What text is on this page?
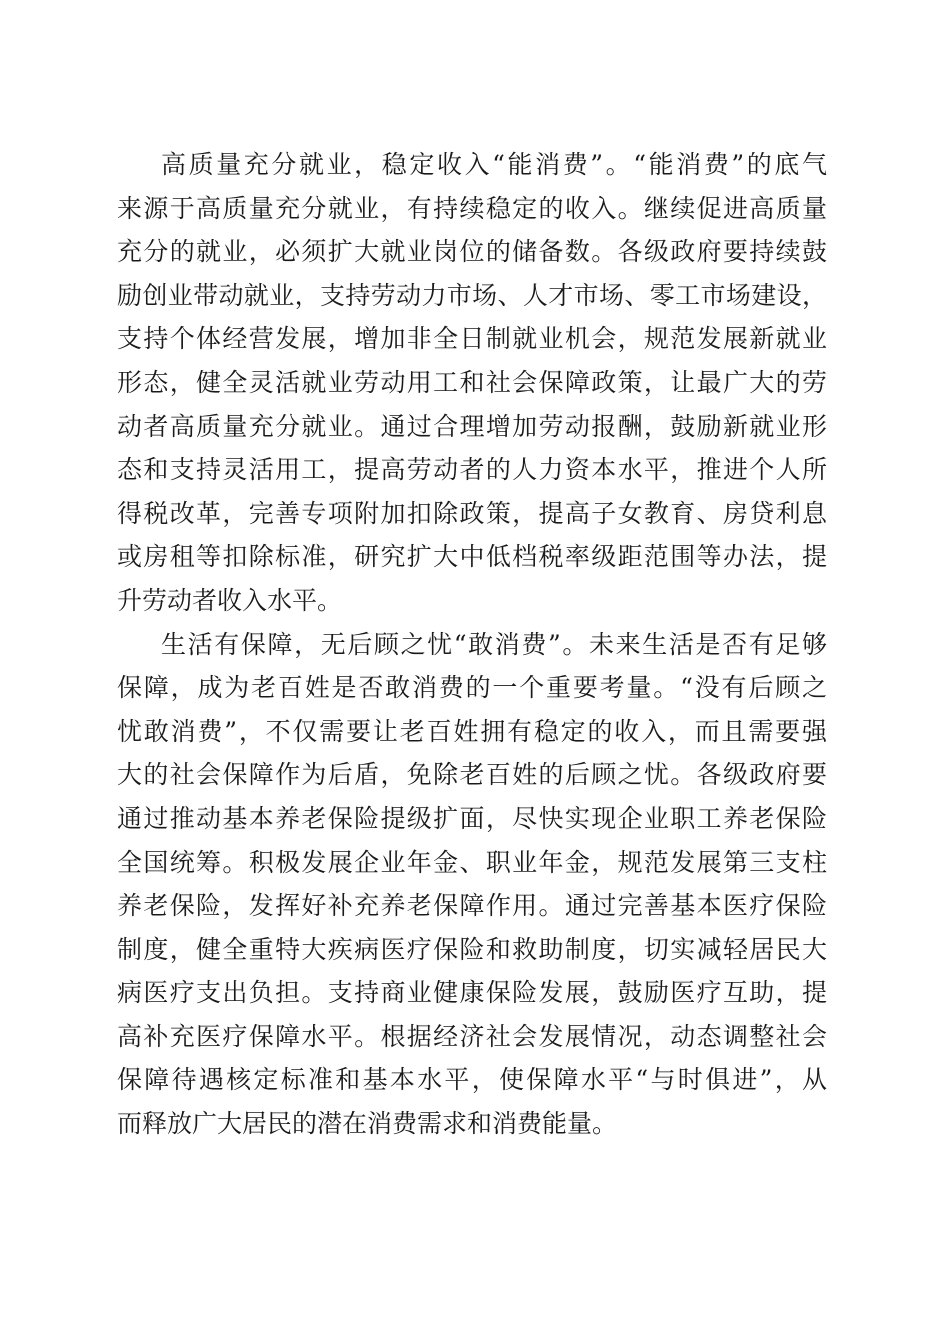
高质量充分就业，稳定收入“能消费”。“能消费”的底气
来源于高质量充分就业，有持续稳定的收入。继续促进高质量
充分的就业，必须扩大就业岗位的储备数。各级政府要持续鼓
励创业带动就业，支持劳动力市场、人才市场、零工市场建设，
支持个体经营发展，增加非全日制就业机会，规范发展新就业
形态，健全灵活就业劳动用工和社会保障政策，让最广大的劳
动者高质量充分就业。通过合理增加劳动报酬，鼓励新就业形
态和支持灵活用工，提高劳动者的人力资本水平，推进个人所
得税改革，完善专项附加扣除政策，提高子女教育、房贷利息
或房租等扣除标准，研究扩大中低档税率级距范围等办法，提
升劳动者收入水平。
生活有保障，无后顾之忧“敢消费”。未来生活是否有足够
保障，成为老百姓是否敢消费的一个重要考量。“没有后顾之
忧敢消费”，不仅需要让老百姓拥有稳定的收入，而且需要强
大的社会保障作为后盾，免除老百姓的后顾之忧。各级政府要
通过推动基本养老保险提级扩面，尽快实现企业职工养老保险
全国统筹。积极发展企业年金、职业年金，规范发展第三支柱
养老保险，发挥好补充养老保障作用。通过完善基本医疗保险
制度，健全重特大疾病医疗保险和救助制度，切实减轻居民大
病医疗支出负担。支持商业健康保险发展，鼓励医疗互助，提
高补充医疗保障水平。根据经济社会发展情况，动态调整社会
保障待遇核定标准和基本水平，使保障水平“与时俱进”，从
而释放广大居民的潜在消费需求和消费能量。
